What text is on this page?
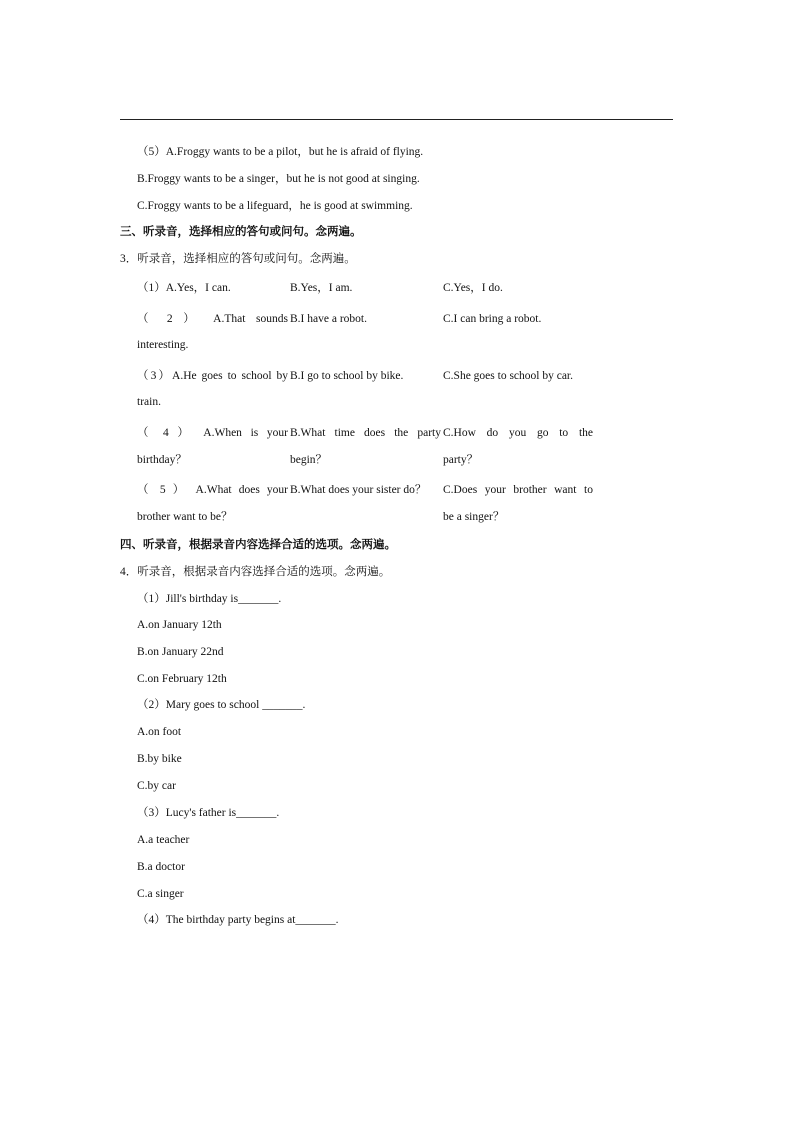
（5）A.Froggy wants to be a pilot，but he is afraid of flying.
B.Froggy wants to be a singer，but he is not good at singing.
C.Froggy wants to be a lifeguard，he is good at swimming.
三、听录音，选择相应的答句或问句。念两遍。
3．听录音，选择相应的答句或问句。念两遍。
（1）A.Yes，I can.	B.Yes，I am.	C.Yes，I do.
（ 2 ） A.That sounds
interesting.
B.I have a robot.	C.I can bring a robot.
（3）A.He goes to school by
train.
B.I go to school by bike.	C.She goes to school by car.
（ 4 ） A.When is your
birthday？
B.What time does the party
begin？
C.How do you go to the
party？
（ 5 ） A.What does your
brother want to be？
B.What does your sister do？ C.Does your brother want to
be a singer？
四、听录音，根据录音内容选择合适的选项。念两遍。
4．听录音，根据录音内容选择合适的选项。念两遍。
（1）Jill's birthday is_______.
A.on January 12th
B.on January 22nd
C.on February 12th
（2）Mary goes to school _______.
A.on foot
B.by bike
C.by car
（3）Lucy's father is_______.
A.a teacher
B.a doctor
C.a singer
（4）The birthday party begins at_______.
